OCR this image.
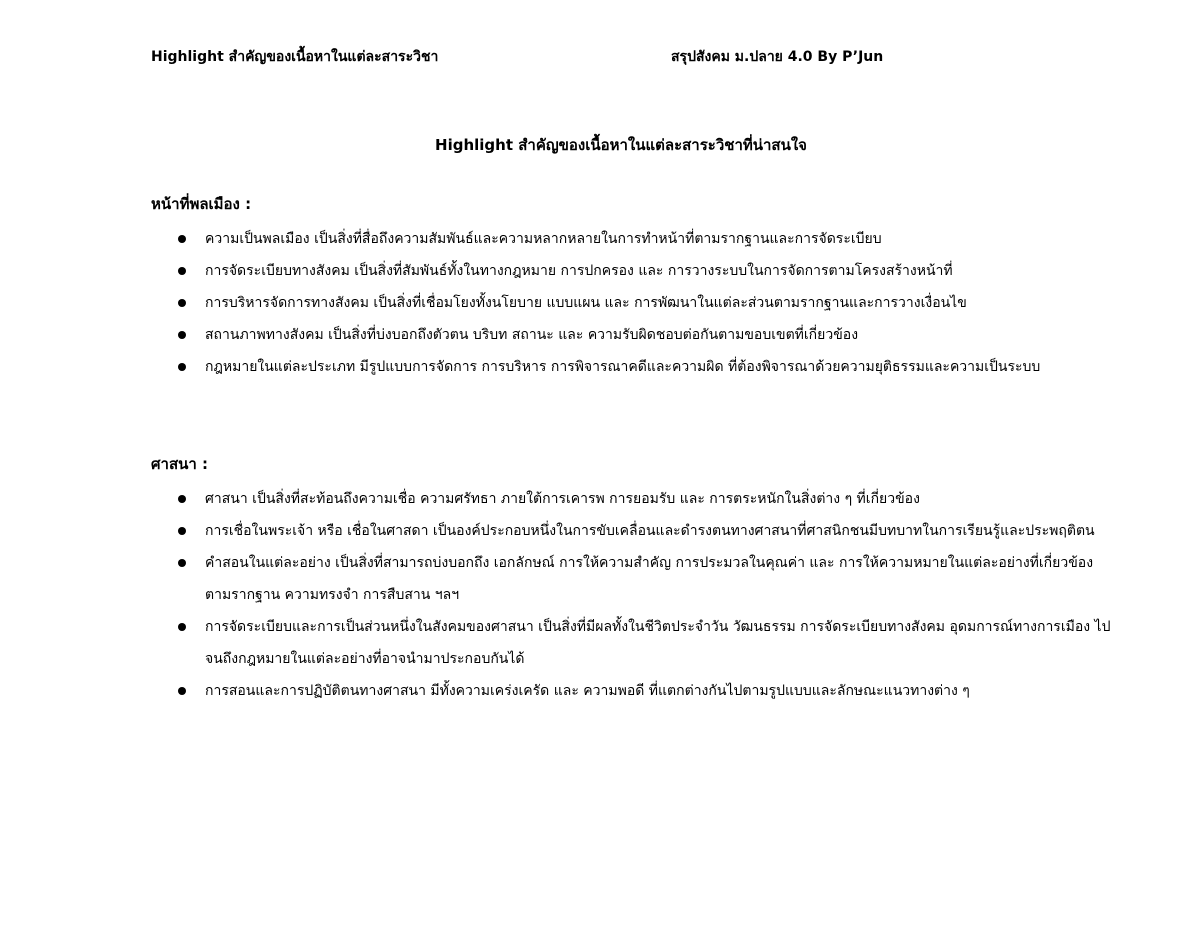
Highlight สำคัญของเนื้อหาในแต่ละสาระวิชา	สรุปสังคม ม.ปลาย 4.0 By P’Jun
Highlight สำคัญของเนื้อหาในแต่ละสาระวิชาที่น่าสนใจ
หน้าที่พลเมือง :
ความเป็นพลเมือง เป็นสิ่งที่สื่อถึงความสัมพันธ์และความหลากหลายในการทำหน้าที่ตามรากฐานและการจัดระเบียบ
การจัดระเบียบทางสังคม เป็นสิ่งที่สัมพันธ์ทั้งในทางกฎหมาย การปกครอง และ การวางระบบในการจัดการตามโครงสร้างหน้าที่
การบริหารจัดการทางสังคม เป็นสิ่งที่เชื่อมโยงทั้งนโยบาย แบบแผน และ การพัฒนาในแต่ละส่วนตามรากฐานและการวางเงื่อนไข
สถานภาพทางสังคม เป็นสิ่งที่บ่งบอกถึงตัวตน บริบท สถานะ และ ความรับผิดชอบต่อกันตามขอบเขตที่เกี่ยวข้อง
กฎหมายในแต่ละประเภท มีรูปแบบการจัดการ การบริหาร การพิจารณาคดีและความผิด ที่ต้องพิจารณาด้วยความยุติธรรมและความเป็นระบบ
ศาสนา :
ศาสนา เป็นสิ่งที่สะท้อนถึงความเชื่อ ความศรัทธา ภายใต้การเคารพ การยอมรับ และ การตระหนักในสิ่งต่าง ๆ ที่เกี่ยวข้อง
การเชื่อในพระเจ้า หรือ เชื่อในศาสดา เป็นองค์ประกอบหนึ่งในการขับเคลื่อนและดำรงตนทางศาสนาที่ศาสนิกชนมีบทบาทในการเรียนรู้และประพฤติตน
คำสอนในแต่ละอย่าง เป็นสิ่งที่สามารถบ่งบอกถึง เอกลักษณ์ การให้ความสำคัญ การประมวลในคุณค่า และ การให้ความหมายในแต่ละอย่างที่เกี่ยวข้องตามรากฐาน ความทรงจำ การสืบสาน ฯลฯ
การจัดระเบียบและการเป็นส่วนหนึ่งในสังคมของศาสนา เป็นสิ่งที่มีผลทั้งในชีวิตประจำวัน วัฒนธรรม การจัดระเบียบทางสังคม อุดมการณ์ทางการเมือง ไปจนถึงกฎหมายในแต่ละอย่างที่อาจนำมาประกอบกันได้
การสอนและการปฏิบัติตนทางศาสนา มีทั้งความเคร่งเครัด และ ความพอดี ที่แตกต่างกันไปตามรูปแบบและลักษณะแนวทางต่าง ๆ
